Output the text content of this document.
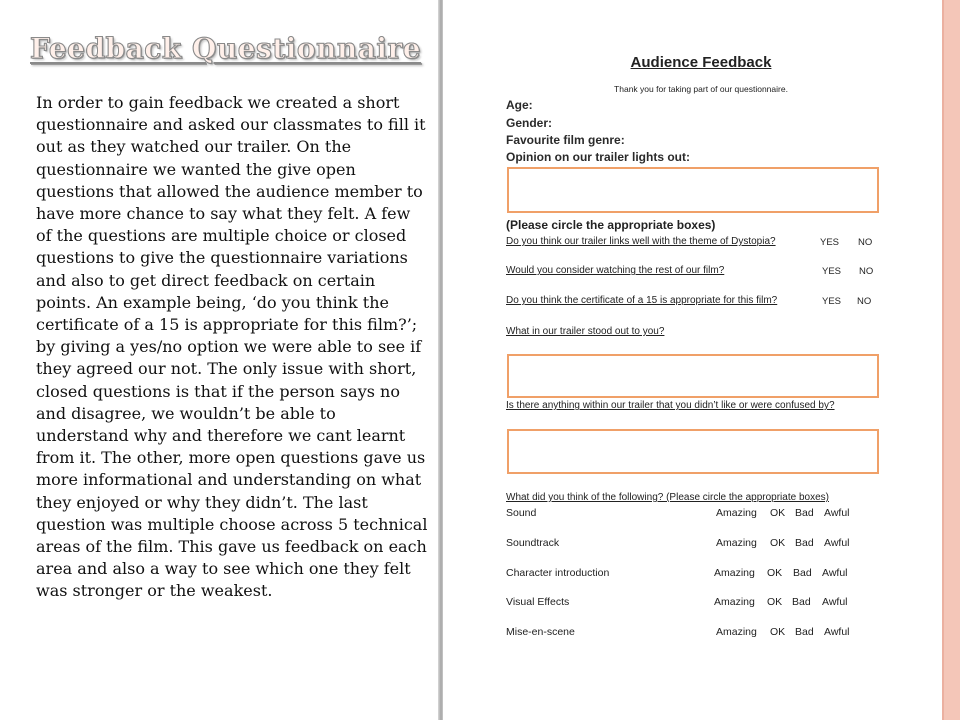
Feedback Questionnaire

In order to gain feedback we created a short questionnaire and asked our classmates to fill it out as they watched our trailer. On the questionnaire we wanted the give open questions that allowed the audience member to have more chance to say what they felt. A few of the questions are multiple choice or closed questions to give the questionnaire variations and also to get direct feedback on certain points. An example being, ‘do you think the certificate of a 15 is appropriate for this film?’; by giving a yes/no option we were able to see if they agreed our not. The only issue with short, closed questions is that if the person says no and disagree, we wouldn’t be able to understand why and therefore we cant learnt from it. The other, more open questions gave us more informational and understanding on what they enjoyed or why they didn’t. The last question was multiple choose across 5 technical areas of the film. This gave us feedback on each area and also a way to see which one they felt was stronger or the weakest.

Audience Feedback
Thank you for taking part of our questionnaire.
Age:
Gender:
Favourite film genre:
Opinion on our trailer lights out:
(Please circle the appropriate boxes)
Do you think our trailer links well with the theme of Dystopia?	YES NO
Would you consider watching the rest of our film?	YES NO
Do you think the certificate of a 15 is appropriate for this film?	YES NO
What in our trailer stood out to you?
Is there anything within our trailer that you didn’t like or were confused by?
What did you think of the following? (Please circle the appropriate boxes)
Sound	Amazing OK Bad Awful
Soundtrack	Amazing OK Bad Awful
Character introduction	Amazing OK Bad Awful
Visual Effects	Amazing OK Bad Awful
Mise-en-scene	Amazing OK Bad Awful
